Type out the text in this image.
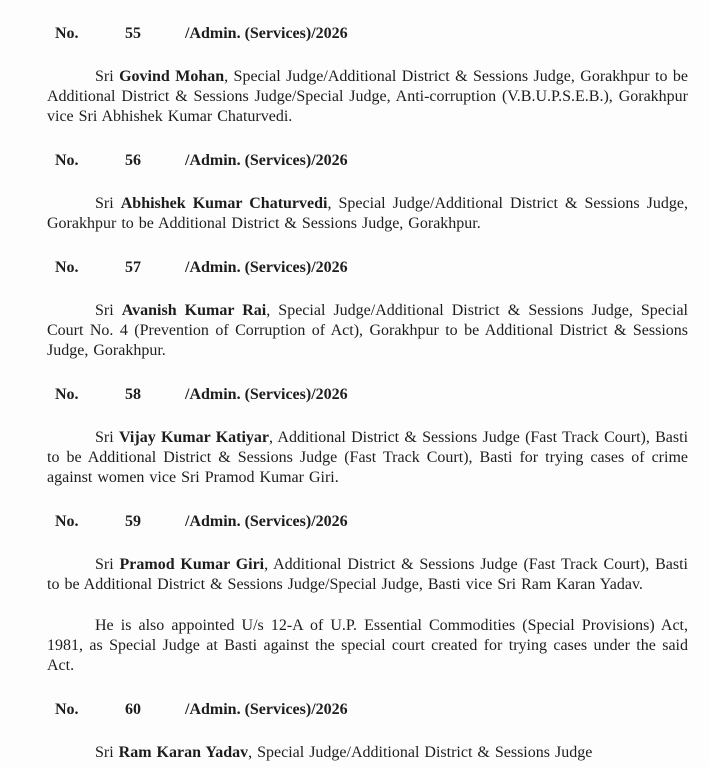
No.	55	/Admin. (Services)/2026

Sri Govind Mohan, Special Judge/Additional District & Sessions Judge, Gorakhpur to be Additional District & Sessions Judge/Special Judge, Anti-corruption (V.B.U.P.S.E.B.), Gorakhpur vice Sri Abhishek Kumar Chaturvedi.

No.	56	/Admin. (Services)/2026

Sri Abhishek Kumar Chaturvedi, Special Judge/Additional District & Sessions Judge, Gorakhpur to be Additional District & Sessions Judge, Gorakhpur.

No.	57	/Admin. (Services)/2026

Sri Avanish Kumar Rai, Special Judge/Additional District & Sessions Judge, Special Court No. 4 (Prevention of Corruption of Act), Gorakhpur to be Additional District & Sessions Judge, Gorakhpur.

No.	58	/Admin. (Services)/2026

Sri Vijay Kumar Katiyar, Additional District & Sessions Judge (Fast Track Court), Basti to be Additional District & Sessions Judge (Fast Track Court), Basti for trying cases of crime against women vice Sri Pramod Kumar Giri.

No.	59	/Admin. (Services)/2026

Sri Pramod Kumar Giri, Additional District & Sessions Judge (Fast Track Court), Basti to be Additional District & Sessions Judge/Special Judge, Basti vice Sri Ram Karan Yadav.

He is also appointed U/s 12-A of U.P. Essential Commodities (Special Provisions) Act, 1981, as Special Judge at Basti against the special court created for trying cases under the said Act.

No.	60	/Admin. (Services)/2026

Sri Ram Karan Yadav, Special Judge/Additional District & Sessions Judge
